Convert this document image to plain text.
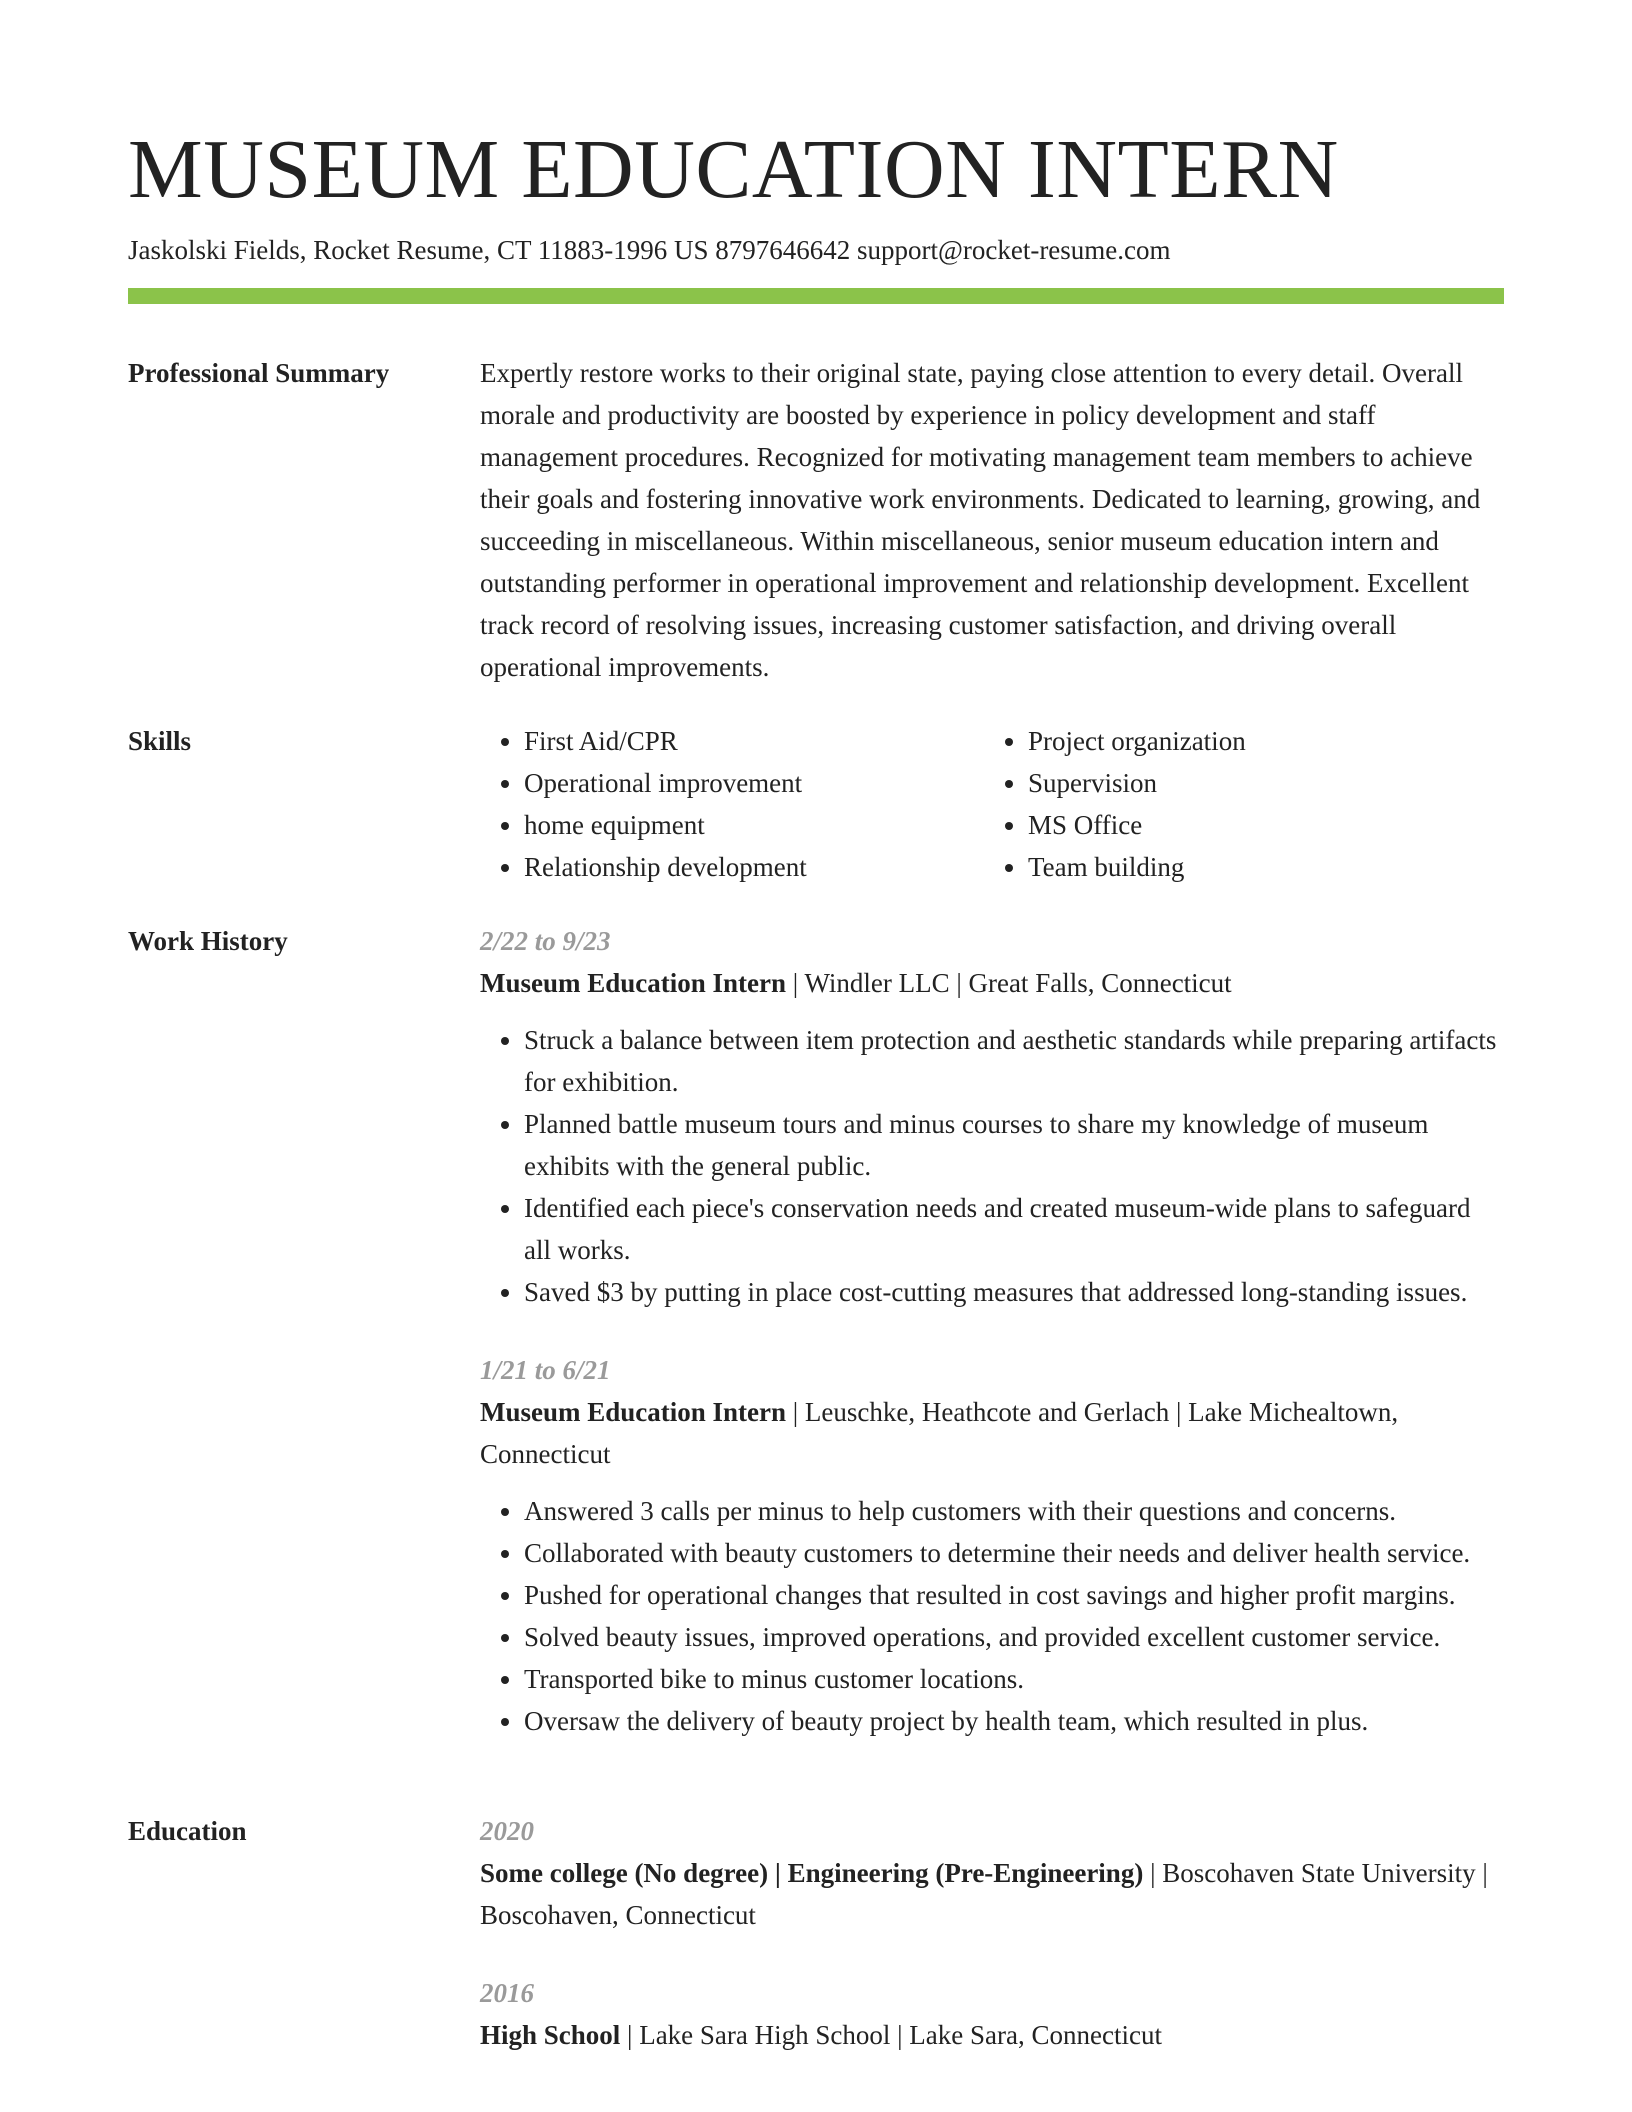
MUSEUM EDUCATION INTERN
Jaskolski Fields, Rocket Resume, CT 11883-1996 US 8797646642 support@rocket-resume.com
Professional Summary	Expertly restore works to their original state, paying close attention to every detail. Overall morale and productivity are boosted by experience in policy development and staff management procedures. Recognized for motivating management team members to achieve their goals and fostering innovative work environments. Dedicated to learning, growing, and succeeding in miscellaneous. Within miscellaneous, senior museum education intern and outstanding performer in operational improvement and relationship development. Excellent track record of resolving issues, increasing customer satisfaction, and driving overall operational improvements.

Skills
•	First Aid/CPR
• Operational improvement
• home equipment
• Relationship development
• Project organization
• Supervision
• MS Office
• Team building
Work History	2/22 to 9/23
Museum Education Intern | Windler LLC | Great Falls, Connecticut
• Struck a balance between item protection and aesthetic standards while preparing artifacts for exhibition.
• Planned battle museum tours and minus courses to share my knowledge of museum exhibits with the general public.
• Identified each piece's conservation needs and created museum-wide plans to safeguard all works.
• Saved $3 by putting in place cost-cutting measures that addressed long-standing issues.
1/21 to 6/21
Museum Education Intern | Leuschke, Heathcote and Gerlach | Lake Michealtown, Connecticut
• Answered 3 calls per minus to help customers with their questions and concerns.
• Collaborated with beauty customers to determine their needs and deliver health service.
• Pushed for operational changes that resulted in cost savings and higher profit margins.
• Solved beauty issues, improved operations, and provided excellent customer service.
• Transported bike to minus customer locations.
• Oversaw the delivery of beauty project by health team, which resulted in plus.
Education	2020
Some college (No degree) | Engineering (Pre-Engineering) | Boscohaven State University | Boscohaven, Connecticut
2016
High School | Lake Sara High School | Lake Sara, Connecticut
